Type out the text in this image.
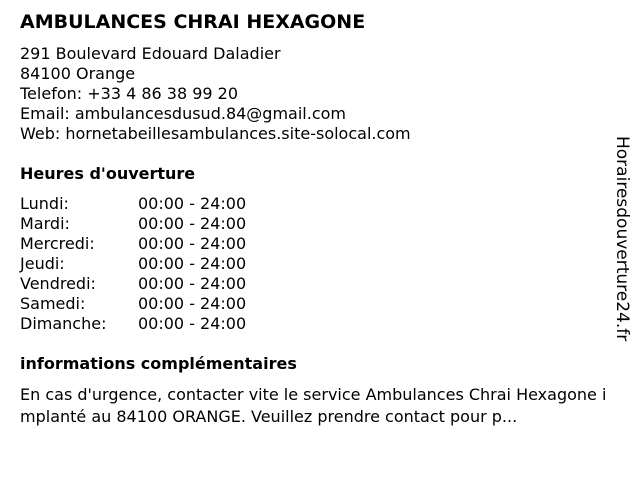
AMBULANCES CHRAI HEXAGONE
291 Boulevard Edouard Daladier
84100 Orange
Telefon: +33 4 86 38 99 20
Email: ambulancesdusud.84@gmail.com
Web: hornetabeillesambulances.site-solocal.com
Heures d'ouverture
Lundi:	00:00 - 24:00
Mardi:	00:00 - 24:00
Mercredi:	00:00 - 24:00
Jeudi:	00:00 - 24:00
Vendredi:	00:00 - 24:00
Samedi:	00:00 - 24:00
Dimanche: 00:00 - 24:00
informations complémentaires
En cas d'urgence, contacter vite le service Ambulances Chrai Hexagone implanté au 84100 ORANGE. Veuillez prendre contact pour p...
Horairesdouverture24.fr
